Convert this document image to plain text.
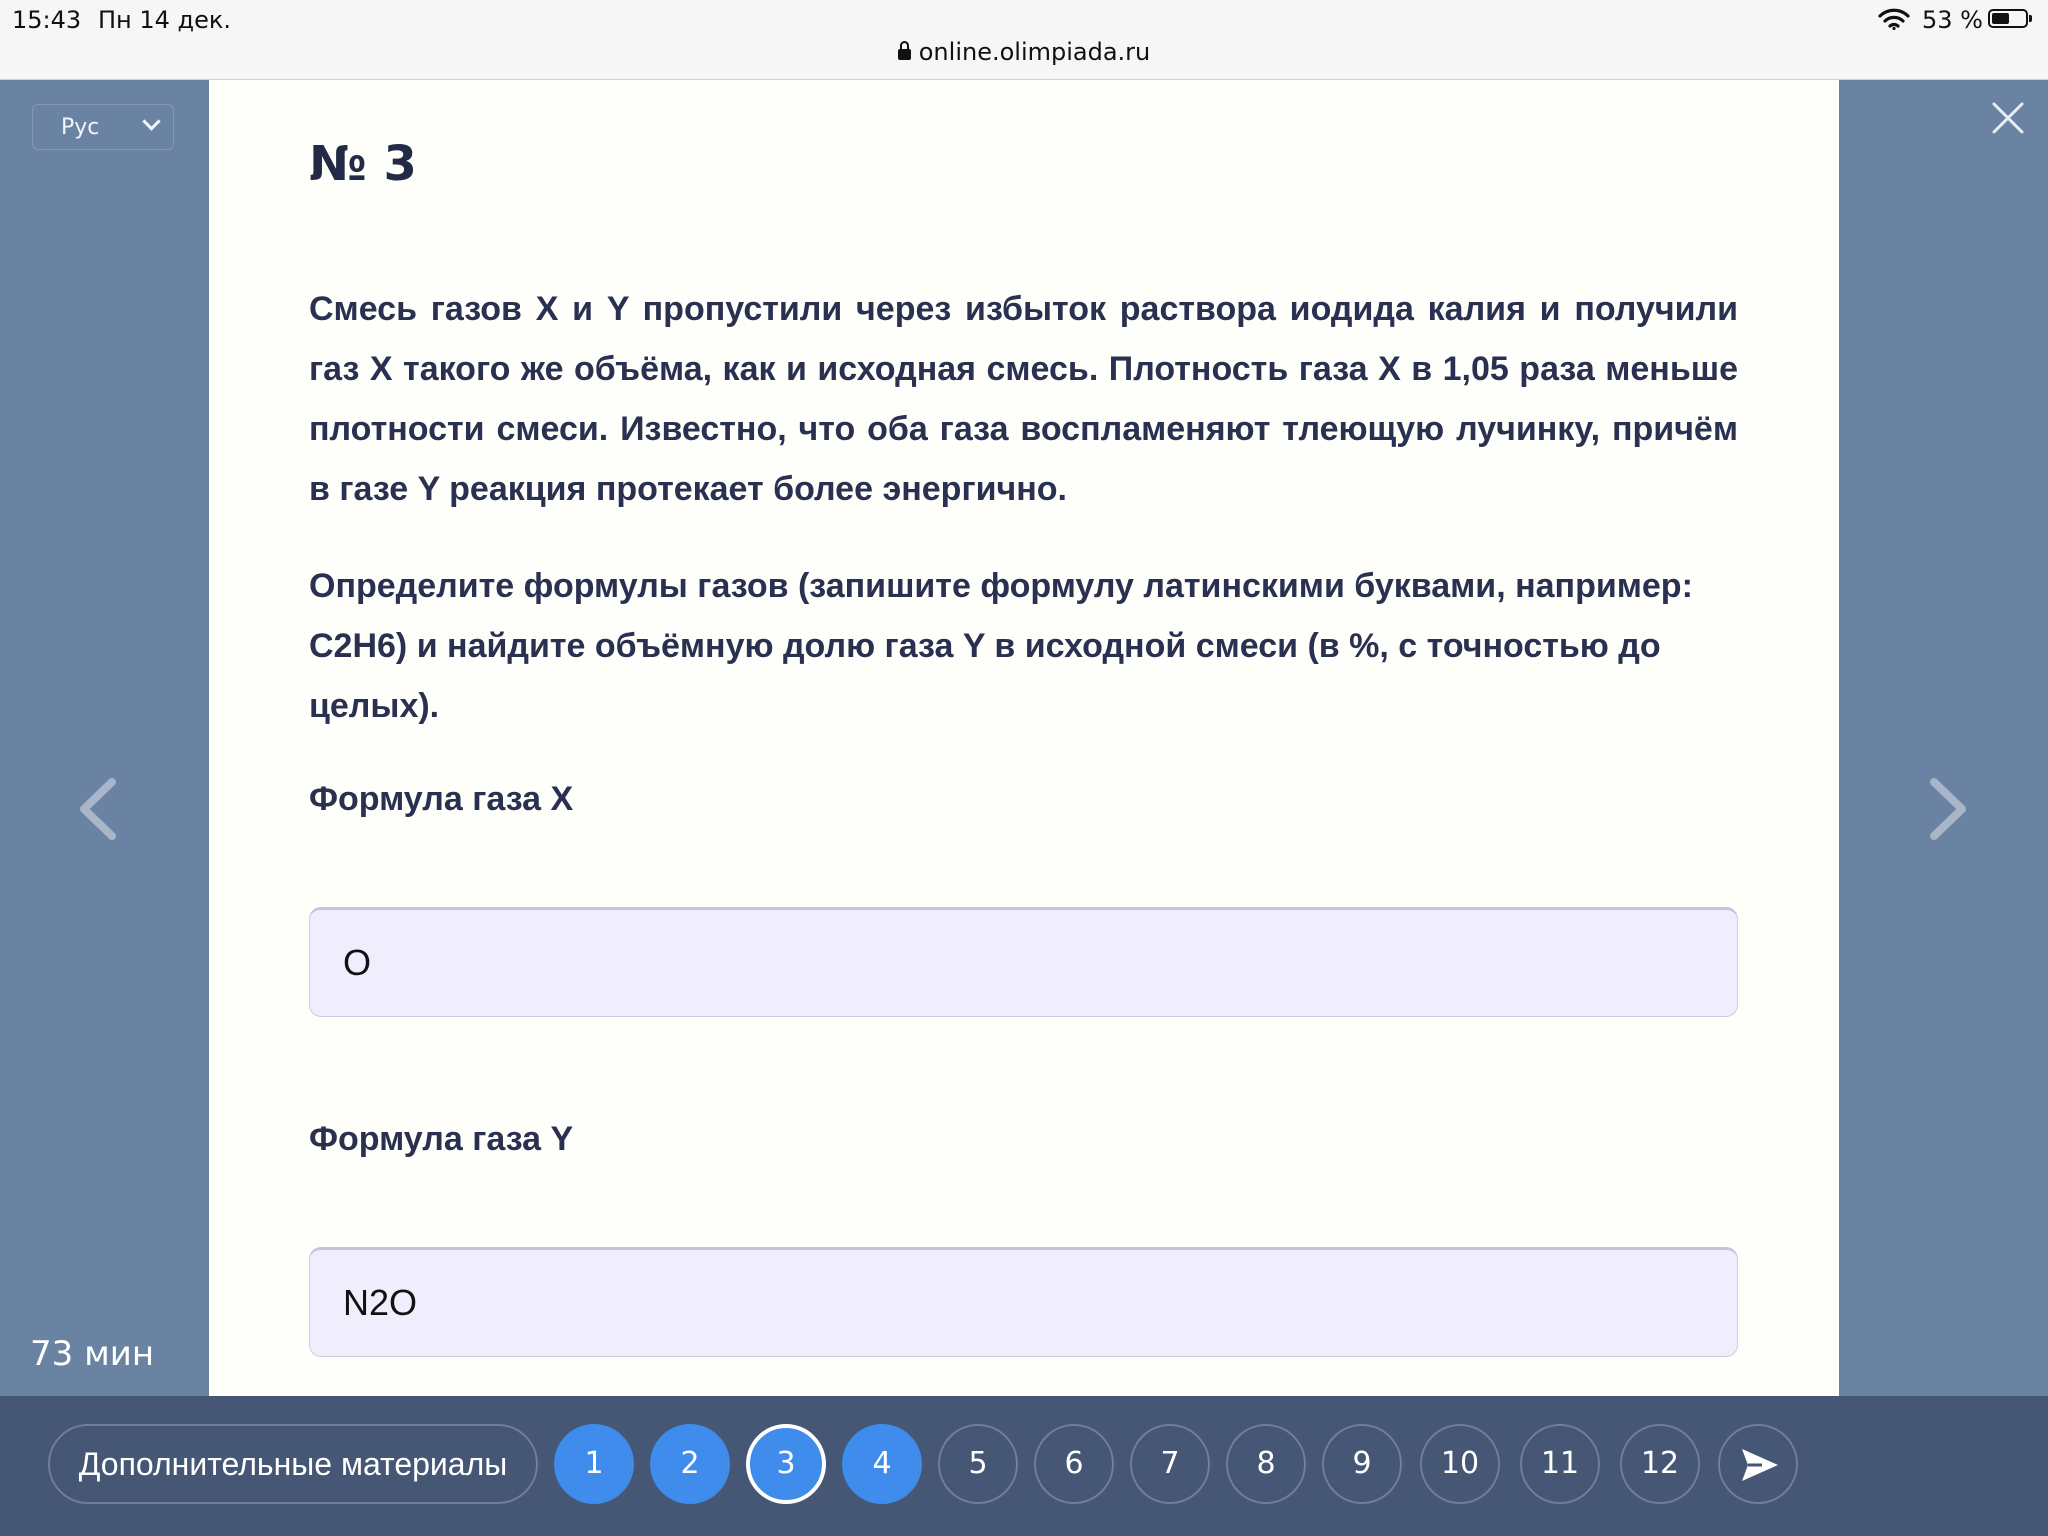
15:43 Пн 14 дек.
online.olimpiada.ru
53 %
Рус
73 мин
№ 3

Смесь газов X и Y пропустили через избыток раствора иодида калия и получили газ X такого же объёма, как и исходная смесь. Плотность газа X в 1,05 раза меньше плотности смеси. Известно, что оба газа воспламеняют тлеющую лучинку, причём в газе Y реакция протекает более энергично.

Определите формулы газов (запишите формулу латинскими буквами, например: C2H6) и найдите объёмную долю газа Y в исходной смеси (в %, с точностью до целых).

Формула газа X

O

Формула газа Y

N2O
Дополнительные материалы	1	2	3	4	5	6	7	8	9	10	11	12
